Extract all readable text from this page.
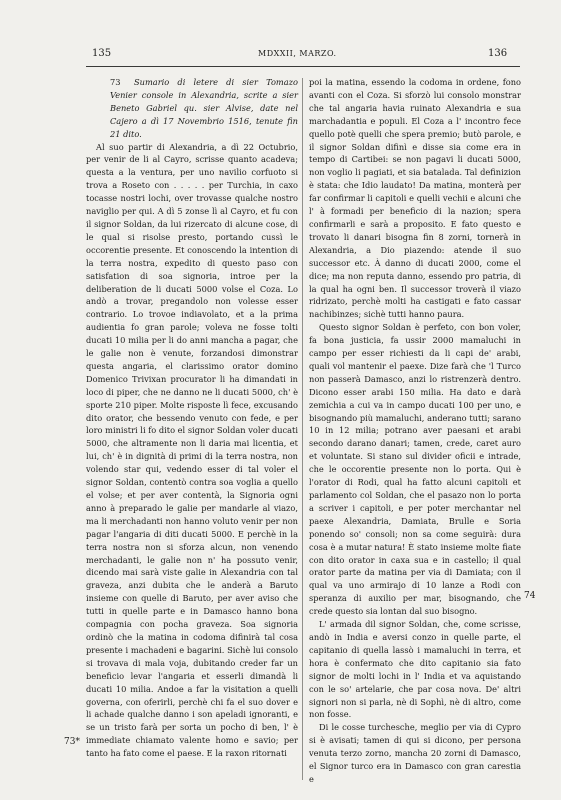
135	MDXXII, MARZO.	136

73 Sumario di letere di sier Tomazo Venier console in Alexandria, scrite a sier Beneto Gabriel qu. sier Alvise, date nel Cajero a dì 17 Novembrio 1516, tenute fin 21 dito.

Al suo partir di Alexandria, a dì 22 Octubrio, per venir de li al Cayro, scrisse quanto acadeva; questa a la ventura, per uno navilio corfuoto si trova a Roseto con . . . . . per Turchia, in caxo tocasse nostri lochi, over trovasse qualche nostro naviglio per qui. A dì 5 zonse lì al Cayro, et fu con il signor Soldan, da lui rizercato di alcune cose, di le qual si risolse presto, portando cussì le occorentie presente. Et conoscendo la intention di la terra nostra, expedito di questo paso con satisfation di soa signoria, introe per la deliberation de li ducati 5000 volse el Coza. Lo andò a trovar, pregandolo non volesse esser contrario. Lo trovoe indiavolato, et a la prima audientia fo gran parole; voleva ne fosse tolti ducati 10 milia per li do anni mancha a pagar, che le galie non è venute, forzandosi dimonstrar questa angaria, el clarissimo orator domino Domenico Trivixan procurator li ha dimandati in loco di piper, che ne danno ne li ducati 5000, ch' è sporte 210 piper. Molte risposte lì fece, excusando dito orator, che bessendo venuto con fede, e per loro ministri li fo dito el signor Soldan voler ducati 5000, che altramente non li daria mai licentia, et lui, ch' è in dignità di primi di la terra nostra, non volendo star qui, vedendo esser di tal voler el signor Soldan, contentò contra soa voglia a quello el volse; et per aver contentà, la Signoria ogni anno à preparado le galie per mandarle al viazo, ma li merchadanti non hanno voluto venir per non pagar l'angaria di diti ducati 5000. E perchè in la terra nostra non si sforza alcun, non venendo merchadanti, le galie non n' ha possuto venir, dicendo mai sarà viste galie in Alexandria con tal graveza, anzi dubita che le anderà a Baruto insieme con quelle di Baruto, per aver aviso che tutti in quelle parte e in Damasco hanno bona compagnia con pocha graveza. Soa signoria ordinò che la matina in codoma difinirà tal cosa presente i machadeni e bagarini. Sichè lui consolo si trovava di mala voja, dubitando creder far un beneficio levar l'angaria et esserli dimandà li ducati 10 milia. Andoe a far la visitation a quelli governa, con oferirli, perchè chi fa el suo dover e li achade qualche danno i son apeladi ignoranti, e se un tristo farà per sorta un pocho di ben, l' è immediate chiamato valente homo e savio; per tanto ha fato come el paese. E la raxon ritornati

poi la matina, essendo la codoma in ordene, fono avanti con el Coza. Si sforzò lui consolo monstrar che tal angaria havia ruinato Alexandria e sua marchadantia e populi. El Coza a l' incontro fece quello potè quelli che spera premio; butò parole, e il signor Soldan difinì e disse sia come era in tempo di Cartibei: se non pagavi li ducati 5000, non voglio li pagiati, et sia batalada. Tal definizion è stata: che Idio laudato! Da matina, monterà per far confirmar li capitoli e quelli vechii e alcuni che l' à formadi per beneficio di la nazion; spera confirmarli e sarà a proposito. E fato questo e trovato li danari bisogna fin 8 zorni, tornerà in Alexandria, a Dio piazendo: atende il suo successor etc. À danno di ducati 2000, come el dice; ma non reputa danno, essendo pro patria, di la qual ha ogni ben. Il successor troverà il viazo ridrizato, perchè molti ha castigati e fato cassar nachibinzes; sichè tutti hanno paura.

Questo signor Soldan è perfeto, con bon voler, fa bona justicia, fa ussir 2000 mamaluchi in campo per esser richiesti da li capi de' arabi, quali vol mantenir el paexe. Dize farà che 'l Turco non passerà Damasco, anzi lo ristrenzerà dentro. Dicono esser arabi 150 milia. Ha dato e darà zemichia a cui va in campo ducati 100 per uno, e bisognando più mamaluchi, anderano tutti; sarano 10 in 12 milia; potrano aver paesani et arabi secondo darano danari; tamen, crede, caret auro et voluntate. Si stano sul divider oficii e intrade, che le occorentie presente non lo porta. Qui è l'orator di Rodi, qual ha fatto alcuni capitoli et parlamento col Soldan, che el pasazo non lo porta a scriver i capitoli, e per poter merchantar nel paexe Alexandria, Damiata, Brulle e Soria ponendo so' consoli; non sa come seguirà: dura cosa è a mutar natura! È stato insieme molte fiate con dito orator in caxa sua e in castello; il qual orator parte da matina per via di Damiata; con il qual va uno armirajo di 10 lanze a Rodi con speranza di auxilio per mar, bisognando, che crede questo sia lontan dal suo bisogno.

L' armada dil signor Soldan, che, come scrisse, andò in India e aversi conzo in quelle parte, el capitanio di quella lassò i mamaluchi in terra, et hora è confermato che dito capitanio sia fato signor de molti lochi in l' India et va aquistando con le so' artelarie, che par cosa nova. De' altri signori non si parla, nè di Sophì, nè di altro, come non fosse.

Di le cosse turchesche, meglio per via di Cypro si è avisati; tamen di qui si dicono, per persona venuta terzo zorno, mancha 20 zorni di Damasco, el Signor turco era in Damasco con gran carestia e

73*
74
